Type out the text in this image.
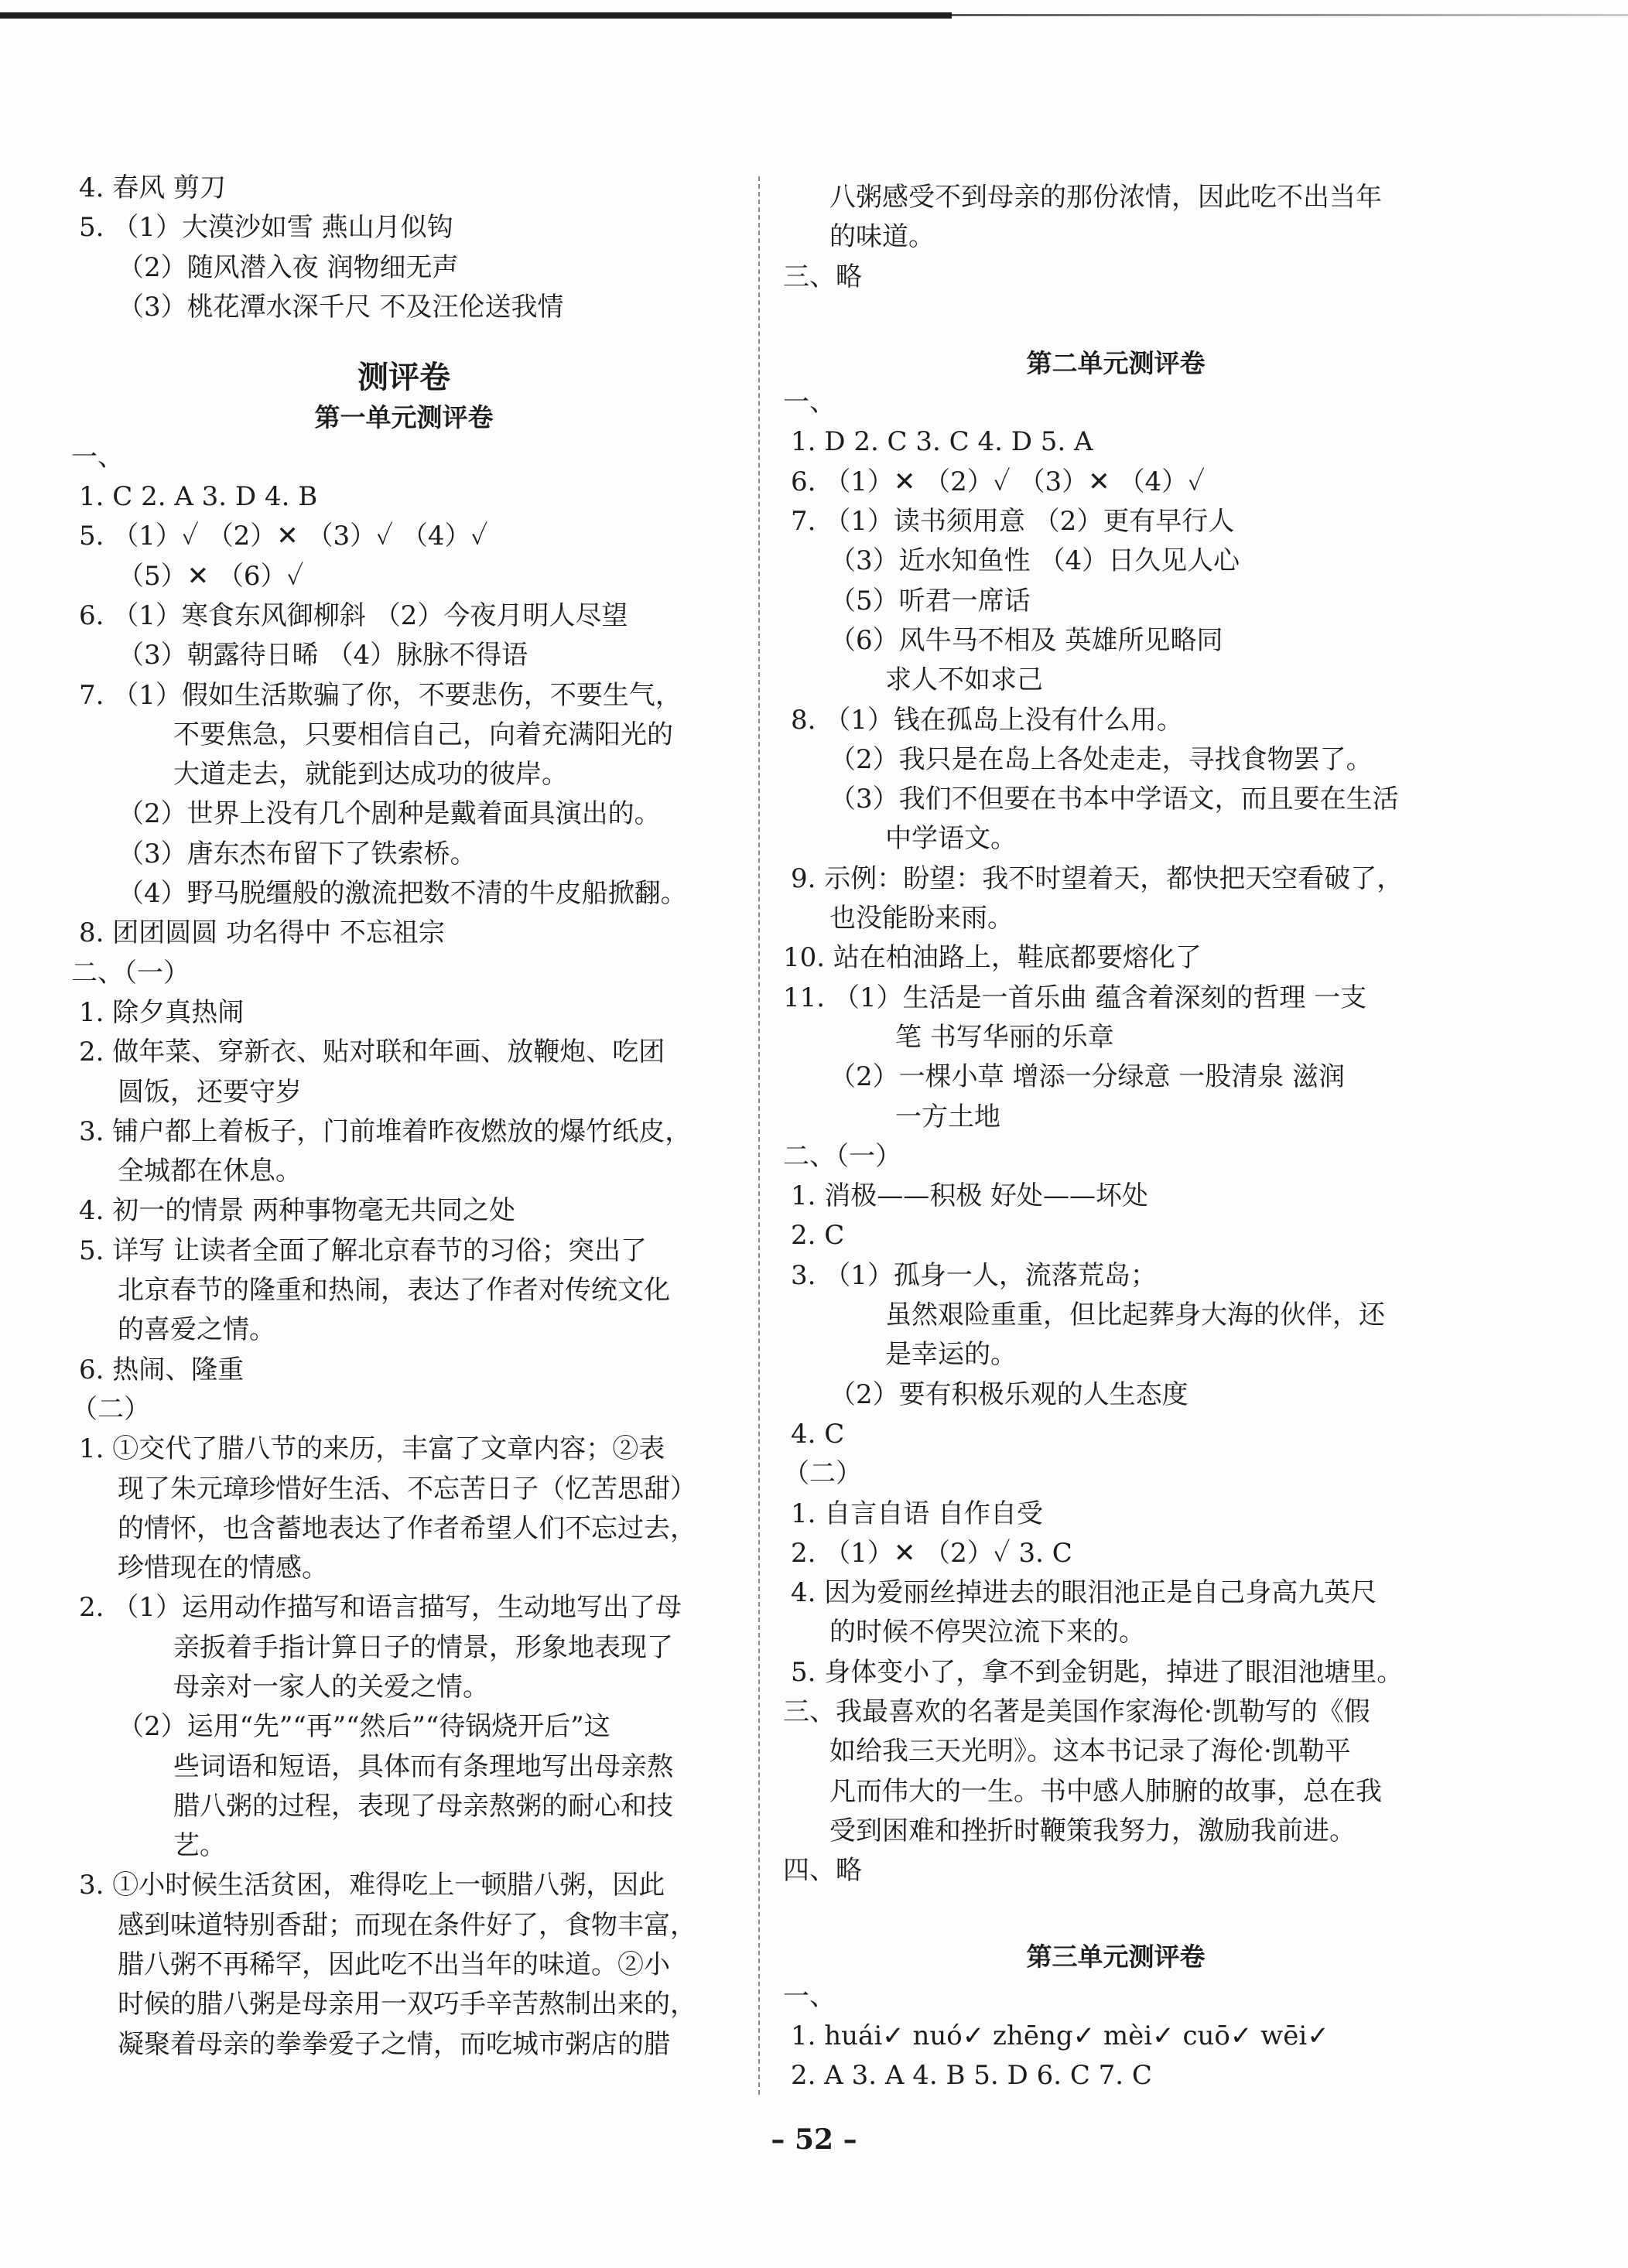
4. 春风 剪刀
5. （1）大漠沙如雪 燕山月似钩
（2）随风潜入夜 润物细无声
（3）桃花潭水深千尺 不及汪伦送我情
测评卷
第一单元测评卷
一、
1. C 2. A 3. D 4. B
5. （1）✓ （2）✕ （3）✓ （4）✓
（5）✕ （6）✓
6. （1）寒食东风御柳斜 （2）今夜月明人尽望
（3）朝露待日晞 （4）脉脉不得语
7. （1）假如生活欺骗了你，不要悲伤，不要生气，
不要焦急，只要相信自己，向着充满阳光的
大道走去，就能到达成功的彼岸。
（2）世界上没有几个剧种是戴着面具演出的。
（3）唐东杰布留下了铁索桥。
（4）野马脱缰般的激流把数不清的牛皮船掀翻。
8. 团团圆圆 功名得中 不忘祖宗
二、（一）
1. 除夕真热闹
2. 做年菜、穿新衣、贴对联和年画、放鞭炮、吃团
圆饭，还要守岁
3. 铺户都上着板子，门前堆着昨夜燃放的爆竹纸皮，
全城都在休息。
4. 初一的情景 两种事物毫无共同之处
5. 详写 让读者全面了解北京春节的习俗；突出了
北京春节的隆重和热闹，表达了作者对传统文化
的喜爱之情。
6. 热闹、隆重
（二）
1. ①交代了腊八节的来历，丰富了文章内容；②表
现了朱元璋珍惜好生活、不忘苦日子（忆苦思甜）
的情怀，也含蓄地表达了作者希望人们不忘过去，
珍惜现在的情感。
2. （1）运用动作描写和语言描写，生动地写出了母
亲扳着手指计算日子的情景，形象地表现了
母亲对一家人的关爱之情。
（2）运用“先”“再”“然后”“待锅烧开后”这
些词语和短语，具体而有条理地写出母亲熬
腊八粥的过程，表现了母亲熬粥的耐心和技
艺。
3. ①小时候生活贫困，难得吃上一顿腊八粥，因此
感到味道特别香甜；而现在条件好了，食物丰富，
腊八粥不再稀罕，因此吃不出当年的味道。②小
时候的腊八粥是母亲用一双巧手辛苦熬制出来的，
凝聚着母亲的拳拳爱子之情，而吃城市粥店的腊
八粥感受不到母亲的那份浓情，因此吃不出当年
的味道。
三、略
第二单元测评卷
一、
1. D 2. C 3. C 4. D 5. A
6. （1）✕ （2）✓ （3）✕ （4）✓
7. （1）读书须用意 （2）更有早行人
（3）近水知鱼性 （4）日久见人心
（5）听君一席话
（6）风牛马不相及 英雄所见略同
求人不如求己
8. （1）钱在孤岛上没有什么用。
（2）我只是在岛上各处走走，寻找食物罢了。
（3）我们不但要在书本中学语文，而且要在生活
中学语文。
9. 示例：盼望：我不时望着天，都快把天空看破了，
也没能盼来雨。
10. 站在柏油路上，鞋底都要熔化了
11. （1）生活是一首乐曲 蕴含着深刻的哲理 一支
笔 书写华丽的乐章
（2）一棵小草 增添一分绿意 一股清泉 滋润
一方土地
二、（一）
1. 消极——积极 好处——坏处
2. C
3. （1）孤身一人，流落荒岛；
虽然艰险重重，但比起葬身大海的伙伴，还
是幸运的。
（2）要有积极乐观的人生态度
4. C
（二）
1. 自言自语 自作自受
2. （1）✕ （2）✓ 3. C
4. 因为爱丽丝掉进去的眼泪池正是自己身高九英尺
的时候不停哭泣流下来的。
5. 身体变小了，拿不到金钥匙，掉进了眼泪池塘里。
三、我最喜欢的名著是美国作家海伦·凯勒写的《假
如给我三天光明》。这本书记录了海伦·凯勒平
凡而伟大的一生。书中感人肺腑的故事，总在我
受到困难和挫折时鞭策我努力，激励我前进。
四、略
第三单元测评卷
一、
1. huái✓ nuó✓ zhēng✓ mèi✓ cuō✓ wēi✓
2. A 3. A 4. B 5. D 6. C 7. C
– 52 –
